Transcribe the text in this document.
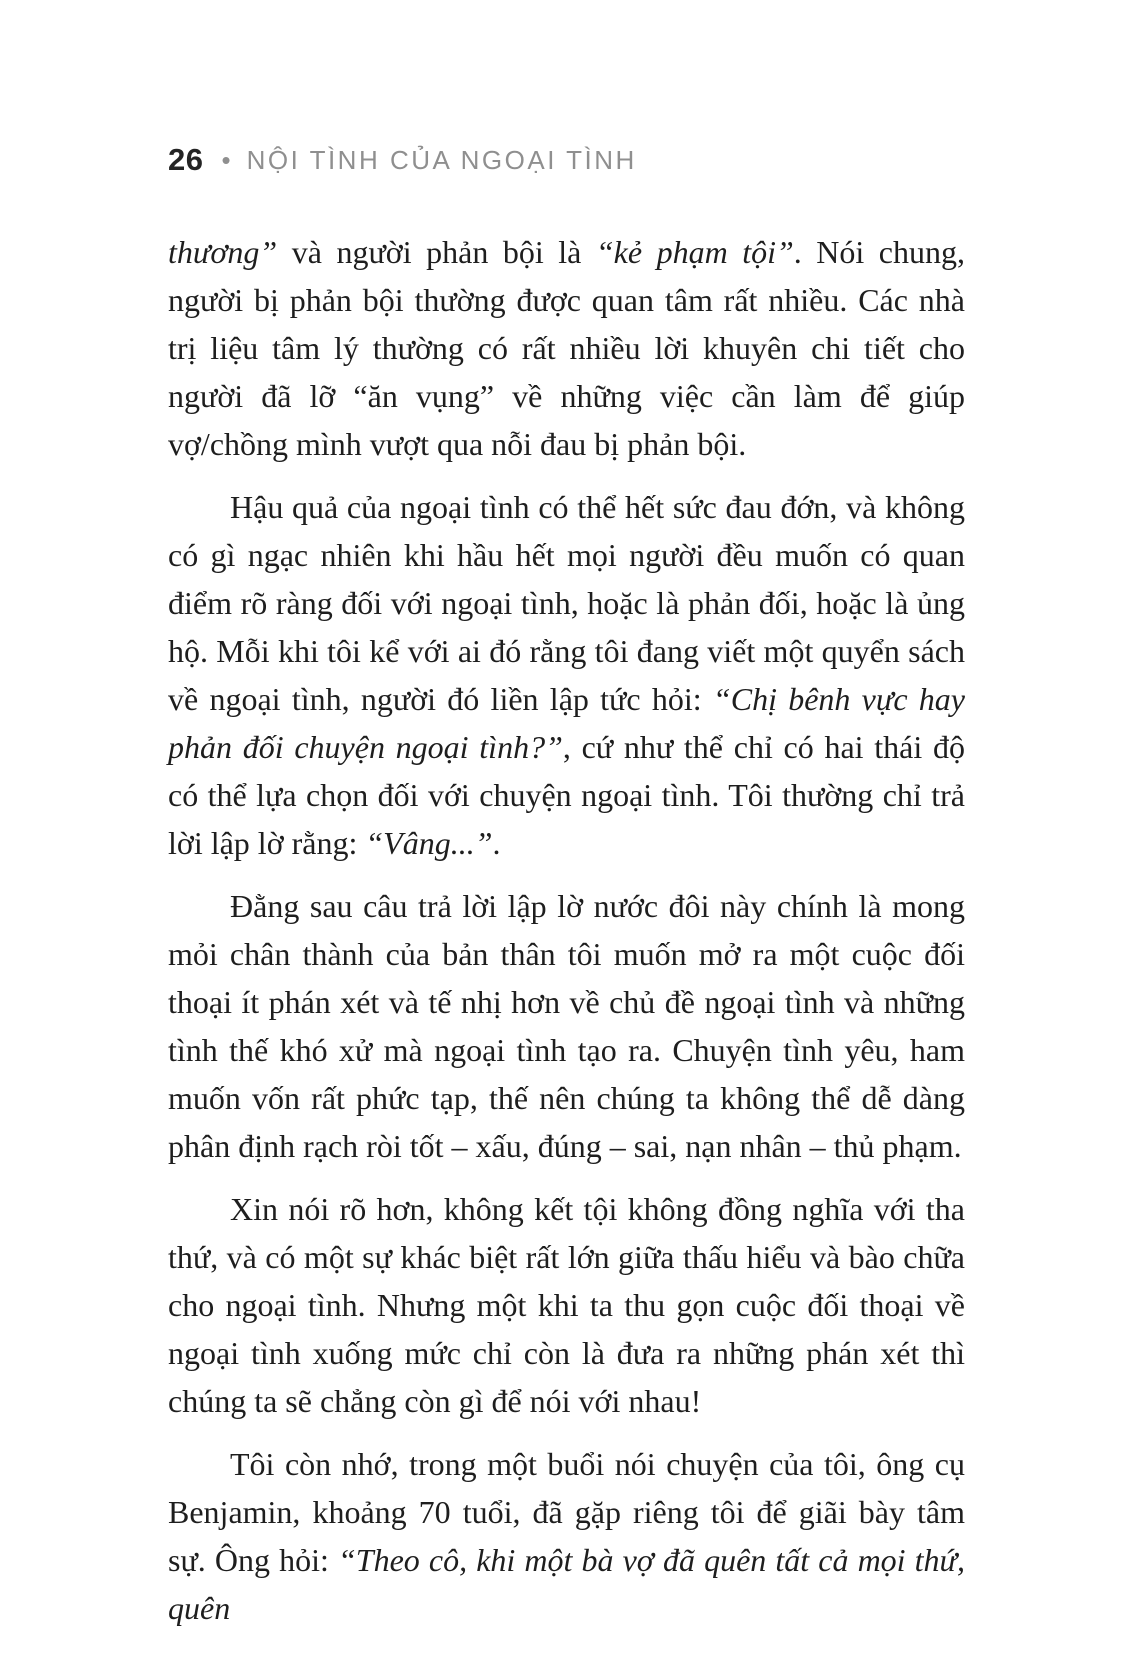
26 • NỘI TÌNH CỦA NGOẠI TÌNH

thương” và người phản bội là “kẻ phạm tội”. Nói chung, người bị phản bội thường được quan tâm rất nhiều. Các nhà trị liệu tâm lý thường có rất nhiều lời khuyên chi tiết cho người đã lỡ “ăn vụng” về những việc cần làm để giúp vợ/chồng mình vượt qua nỗi đau bị phản bội.

Hậu quả của ngoại tình có thể hết sức đau đớn, và không có gì ngạc nhiên khi hầu hết mọi người đều muốn có quan điểm rõ ràng đối với ngoại tình, hoặc là phản đối, hoặc là ủng hộ. Mỗi khi tôi kể với ai đó rằng tôi đang viết một quyển sách về ngoại tình, người đó liền lập tức hỏi: “Chị bênh vực hay phản đối chuyện ngoại tình?”, cứ như thể chỉ có hai thái độ có thể lựa chọn đối với chuyện ngoại tình. Tôi thường chỉ trả lời lập lờ rằng: “Vâng...”.

Đằng sau câu trả lời lập lờ nước đôi này chính là mong mỏi chân thành của bản thân tôi muốn mở ra một cuộc đối thoại ít phán xét và tế nhị hơn về chủ đề ngoại tình và những tình thế khó xử mà ngoại tình tạo ra. Chuyện tình yêu, ham muốn vốn rất phức tạp, thế nên chúng ta không thể dễ dàng phân định rạch ròi tốt – xấu, đúng – sai, nạn nhân – thủ phạm.

Xin nói rõ hơn, không kết tội không đồng nghĩa với tha thứ, và có một sự khác biệt rất lớn giữa thấu hiểu và bào chữa cho ngoại tình. Nhưng một khi ta thu gọn cuộc đối thoại về ngoại tình xuống mức chỉ còn là đưa ra những phán xét thì chúng ta sẽ chẳng còn gì để nói với nhau!

Tôi còn nhớ, trong một buổi nói chuyện của tôi, ông cụ Benjamin, khoảng 70 tuổi, đã gặp riêng tôi để giãi bày tâm sự. Ông hỏi: “Theo cô, khi một bà vợ đã quên tất cả mọi thứ, quên
